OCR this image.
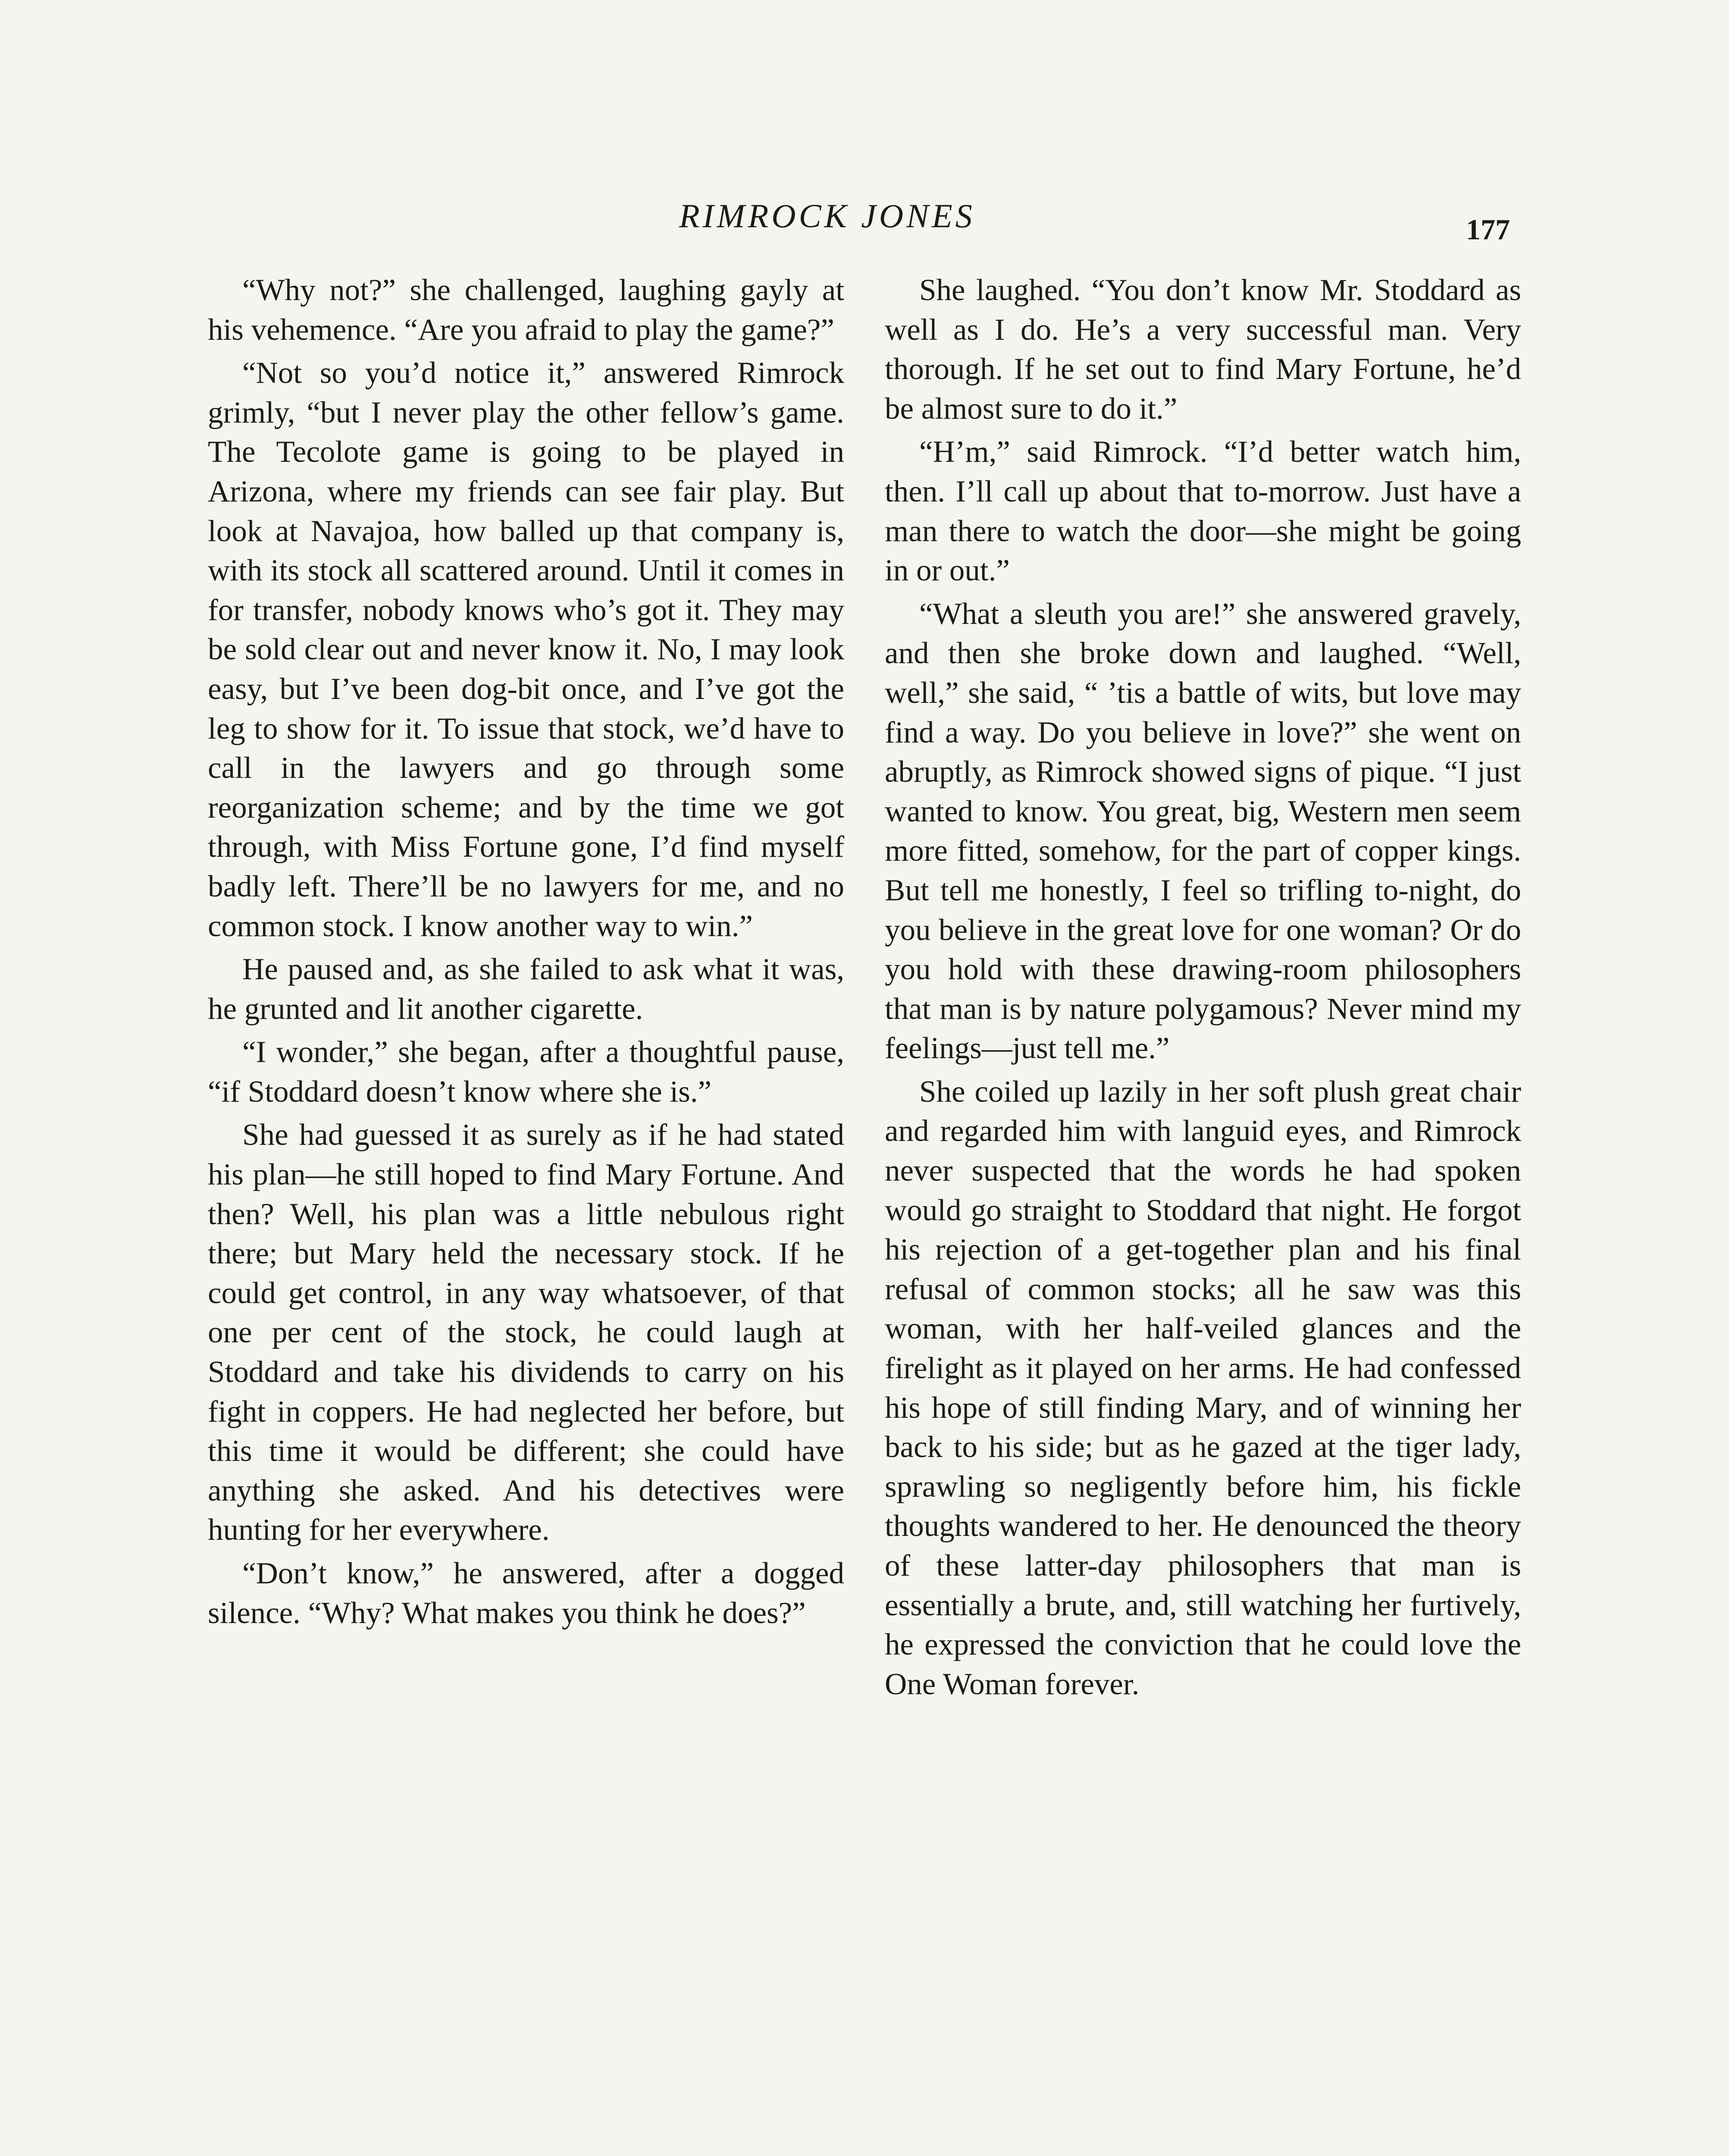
RIMROCK JONES	177

“Why not?” she challenged, laughing gayly at his vehemence. “Are you afraid to play the game?”

“Not so you’d notice it,” answered Rimrock grimly, “but I never play the other fellow’s game. The Tecolote game is going to be played in Arizona, where my friends can see fair play. But look at Navajoa, how balled up that company is, with its stock all scattered around. Until it comes in for transfer, nobody knows who’s got it. They may be sold clear out and never know it. No, I may look easy, but I’ve been dog-bit once, and I’ve got the leg to show for it. To issue that stock, we’d have to call in the lawyers and go through some reorganization scheme; and by the time we got through, with Miss Fortune gone, I’d find myself badly left. There’ll be no lawyers for me, and no common stock. I know another way to win.”

He paused and, as she failed to ask what it was, he grunted and lit another cigarette.

“I wonder,” she began, after a thoughtful pause, “if Stoddard doesn’t know where she is.”

She had guessed it as surely as if he had stated his plan—he still hoped to find Mary Fortune. And then? Well, his plan was a little nebulous right there; but Mary held the necessary stock. If he could get control, in any way whatsoever, of that one per cent of the stock, he could laugh at Stoddard and take his dividends to carry on his fight in coppers. He had neglected her before, but this time it would be different; she could have anything she asked. And his detectives were hunting for her everywhere.

“Don’t know,” he answered, after a dogged silence. “Why? What makes you think he does?”

She laughed. “You don’t know Mr. Stoddard as well as I do. He’s a very successful man. Very thorough. If he set out to find Mary Fortune, he’d be almost sure to do it.”

“H’m,” said Rimrock. “I’d better watch him, then. I’ll call up about that to-morrow. Just have a man there to watch the door—she might be going in or out.”

“What a sleuth you are!” she answered gravely, and then she broke down and laughed. “Well, well,” she said, “ ’tis a battle of wits, but love may find a way. Do you believe in love?” she went on abruptly, as Rimrock showed signs of pique. “I just wanted to know. You great, big, Western men seem more fitted, somehow, for the part of copper kings. But tell me honestly, I feel so trifling to-night, do you believe in the great love for one woman? Or do you hold with these drawing-room philosophers that man is by nature polygamous? Never mind my feelings—just tell me.”

She coiled up lazily in her soft plush great chair and regarded him with languid eyes, and Rimrock never suspected that the words he had spoken would go straight to Stoddard that night. He forgot his rejection of a get-together plan and his final refusal of common stocks; all he saw was this woman, with her half-veiled glances and the firelight as it played on her arms. He had confessed his hope of still finding Mary, and of winning her back to his side; but as he gazed at the tiger lady, sprawling so negligently before him, his fickle thoughts wandered to her. He denounced the theory of these latter-day philosophers that man is essentially a brute, and, still watching her furtively, he expressed the conviction that he could love the One Woman forever.
